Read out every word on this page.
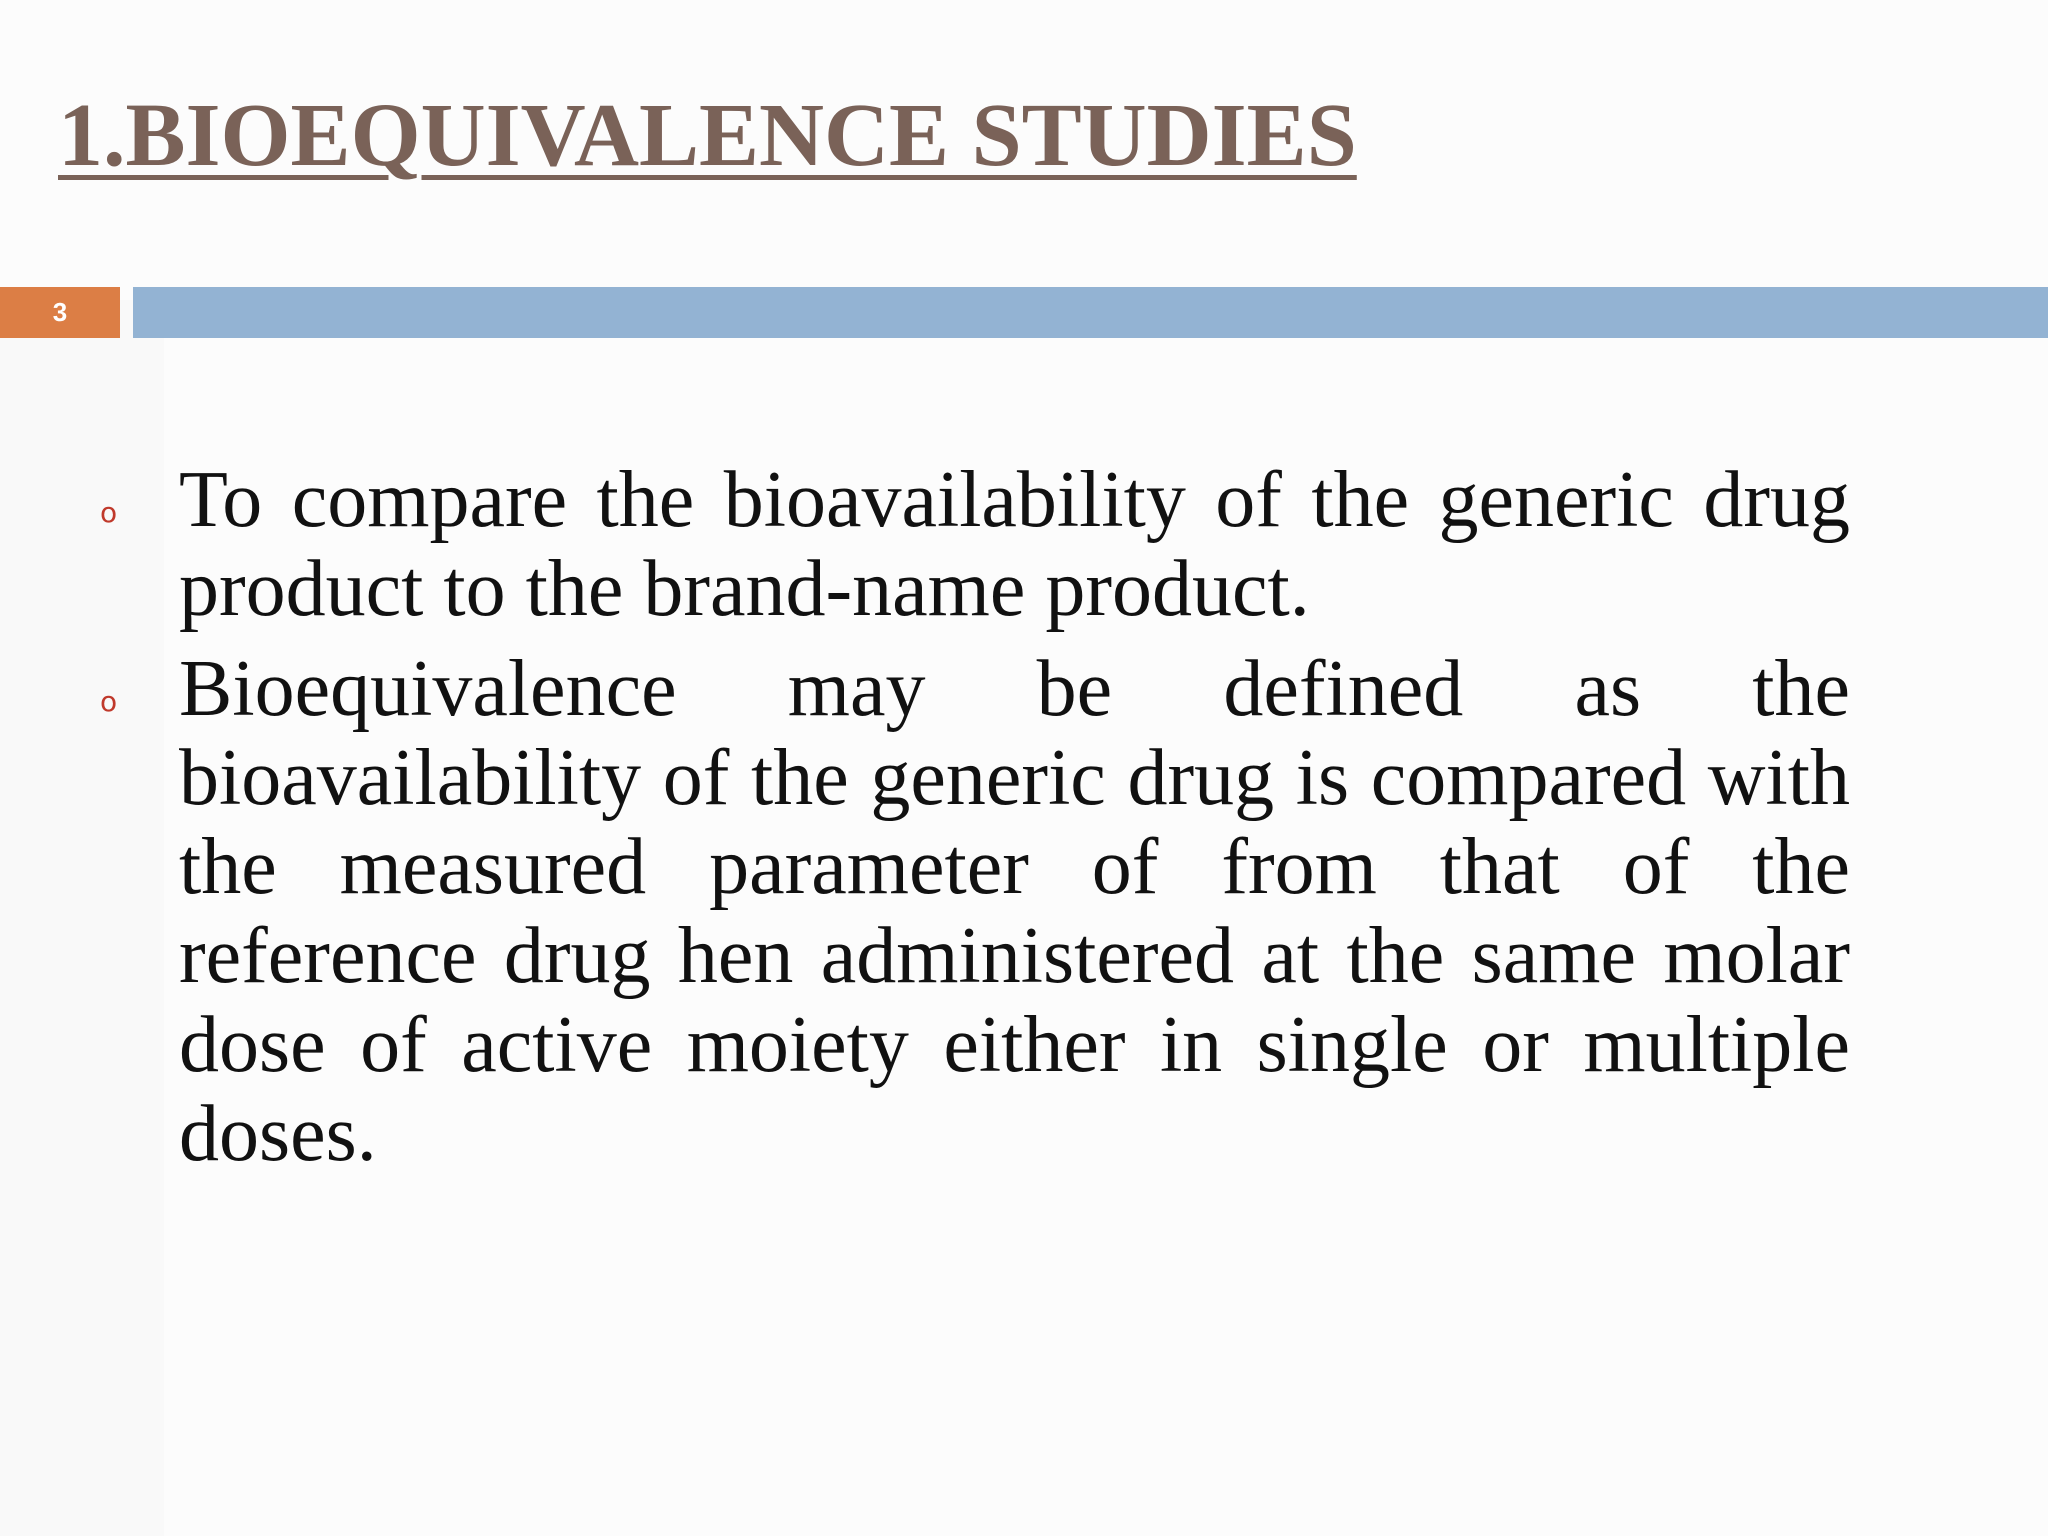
1.BIOEQUIVALENCE STUDIES
3
o To compare the bioavailability of the generic drug product to the brand-name product.
o Bioequivalence may be defined as the bioavailability of the generic drug is compared with the measured parameter of from that of the reference drug hen administered at the same molar dose of active moiety either in single or multiple doses.
